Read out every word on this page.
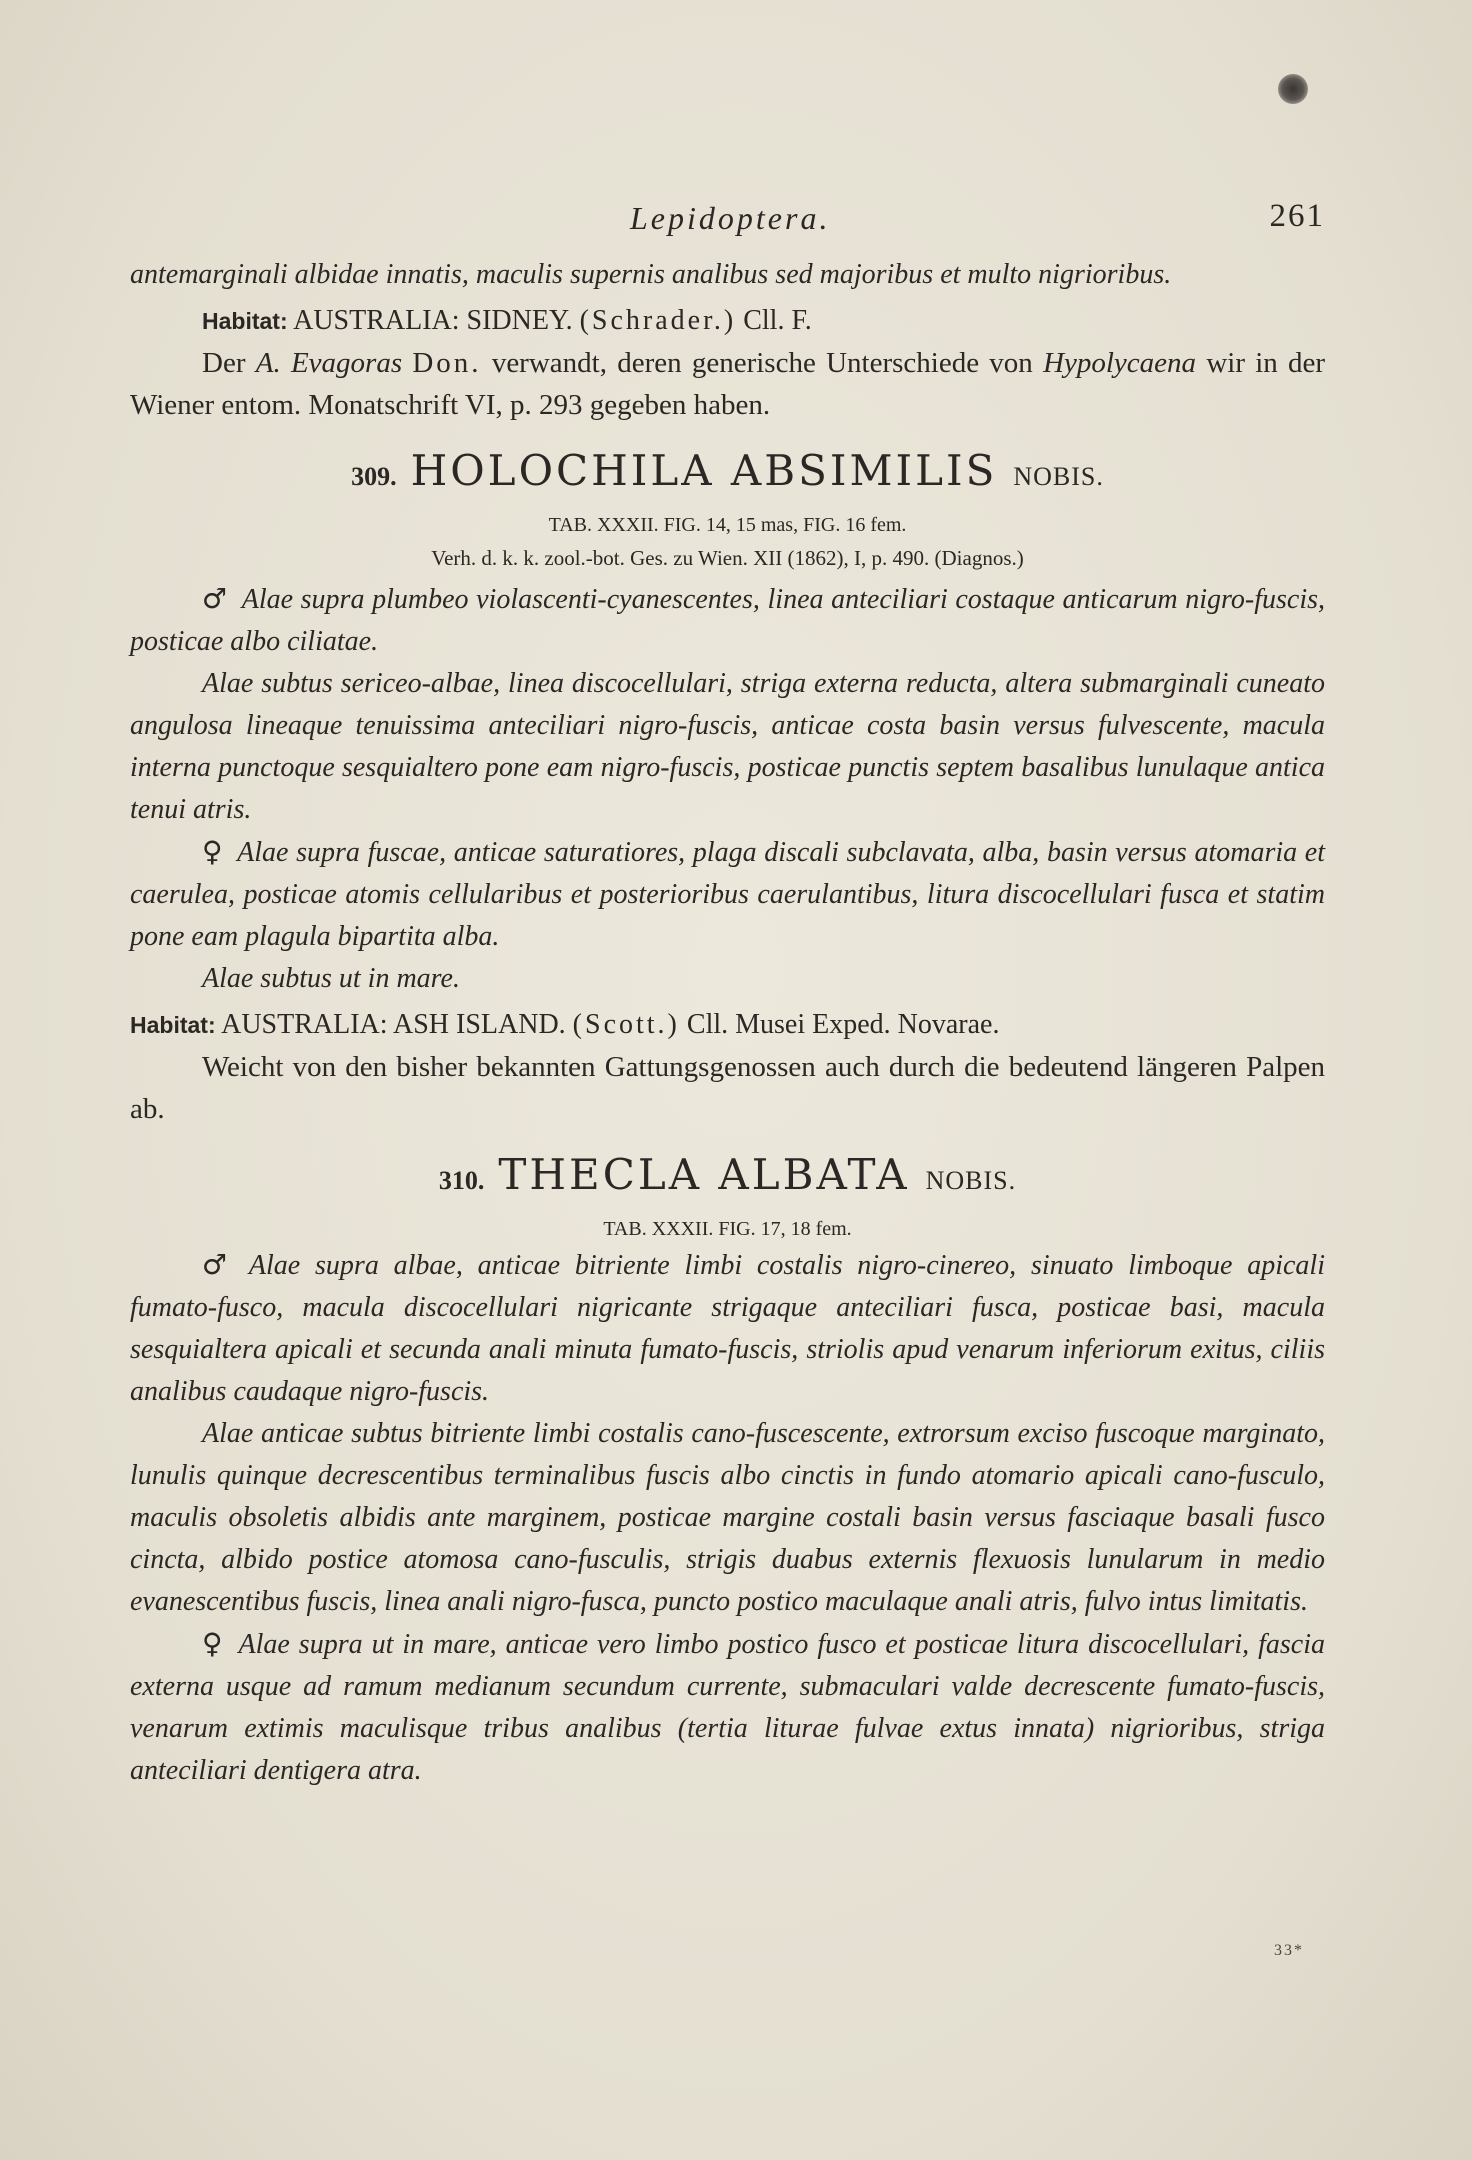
Lepidoptera.	261

antemarginali albidae innatis, maculis supernis analibus sed majoribus et multo nigrioribus.

Habitat: AUSTRALIA: SIDNEY. (Schrader.) Cll. F.

Der A. Evagoras Don. verwandt, deren generische Unterschiede von Hypolycaena wir in der Wiener entom. Monatschrift VI, p. 293 gegeben haben.

309. HOLOCHILA ABSIMILIS NOBIS.

TAB. XXXII. FIG. 14, 15 mas, FIG. 16 fem.

Verh. d. k. k. zool.-bot. Ges. zu Wien. XII (1862), I, p. 490. (Diagnos.)

♂ Alae supra plumbeo violascenti-cyanescentes, linea anteciliari costaque anticarum nigro-fuscis, posticae albo ciliatae.

Alae subtus sericeo-albae, linea discocellulari, striga externa reducta, altera submarginali cuneato angulosa lineaque tenuissima anteciliari nigro-fuscis, anticae costa basin versus fulvescente, macula interna punctoque sesquialtero pone eam nigro-fuscis, posticae punctis septem basalibus lunulaque antica tenui atris.

♀ Alae supra fuscae, anticae saturatiores, plaga discali subclavata, alba, basin versus atomaria et caerulea, posticae atomis cellularibus et posterioribus caerulantibus, litura discocellulari fusca et statim pone eam plagula bipartita alba.

Alae subtus ut in mare.

Habitat: AUSTRALIA: ASH ISLAND. (Scott.) Cll. Musei Exped. Novarae.

Weicht von den bisher bekannten Gattungsgenossen auch durch die bedeutend längeren Palpen ab.

310. THECLA ALBATA NOBIS.

TAB. XXXII. FIG. 17, 18 fem.

♂ Alae supra albae, anticae bitriente limbi costalis nigro-cinereo, sinuato limboque apicali fumato-fusco, macula discocellulari nigricante strigaque anteciliari fusca, posticae basi, macula sesquialtera apicali et secunda anali minuta fumato-fuscis, striolis apud venarum inferiorum exitus, ciliis analibus caudaque nigro-fuscis.

Alae anticae subtus bitriente limbi costalis cano-fuscescente, extrorsum exciso fuscoque marginato, lunulis quinque decrescentibus terminalibus fuscis albo cinctis in fundo atomario apicali cano-fusculo, maculis obsoletis albidis ante marginem, posticae margine costali basin versus fasciaque basali fusco cincta, albido postice atomosa cano-fusculis, strigis duabus externis flexuosis lunularum in medio evanescentibus fuscis, linea anali nigro-fusca, puncto postico maculaque anali atris, fulvo intus limitatis.

♀ Alae supra ut in mare, anticae vero limbo postico fusco et posticae litura discocellulari, fascia externa usque ad ramum medianum secundum currente, submaculari valde decrescente fumato-fuscis, venarum extimis maculisque tribus analibus (tertia liturae fulvae extus innata) nigrioribus, striga anteciliari dentigera atra.

33*
